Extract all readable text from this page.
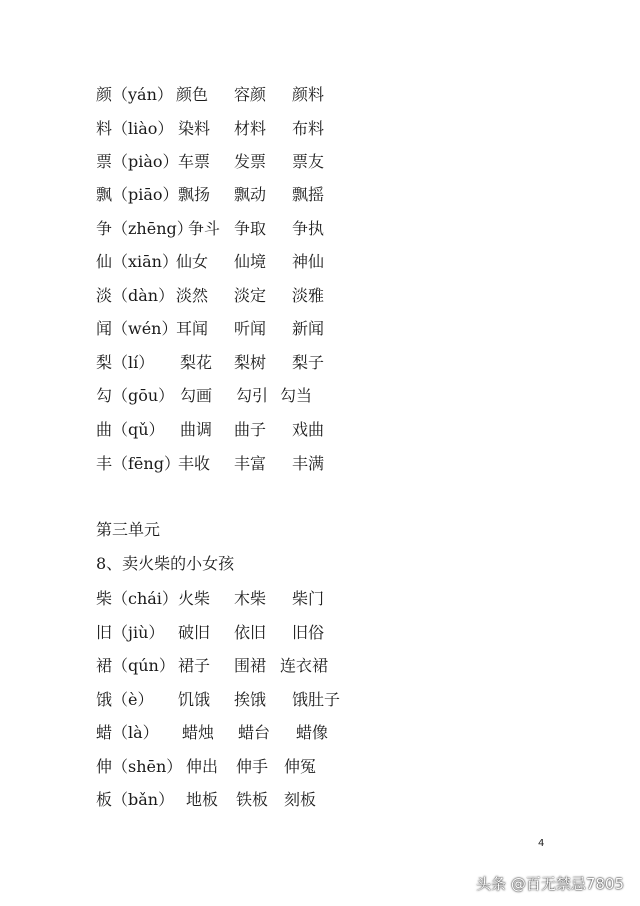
颜（yán） 颜色 容颜 颜料
料（liào） 染料 材料 布料
票（piào） 车票 发票 票友
飘（piāo） 飘扬 飘动 飘摇
争（zhēng）
争斗 争取 争执
仙（xiān）
仙女 仙境 神仙
淡（dàn） 淡然 淡定 淡雅
闻（wén）
耳闻 听闻 新闻
梨（lí） 梨花 梨树 梨子
勾（gōu） 勾画 勾引 勾当
曲（qǔ） 曲调 曲子 戏曲
丰（fēng）
丰收 丰富 丰满
第三单元
8、卖火柴的小女孩
柴（chái） 火柴 木柴 柴门
旧（jiù） 破旧 依旧 旧俗
裙（qún） 裙子 围裙 连衣裙
饿（è） 饥饿 挨饿 饿肚子
蜡（là） 蜡烛 蜡台 蜡像
伸（shēn） 伸出 伸手 伸冤
板（bǎn） 地板 铁板 刻板
4
头条 @百无禁忌7805
